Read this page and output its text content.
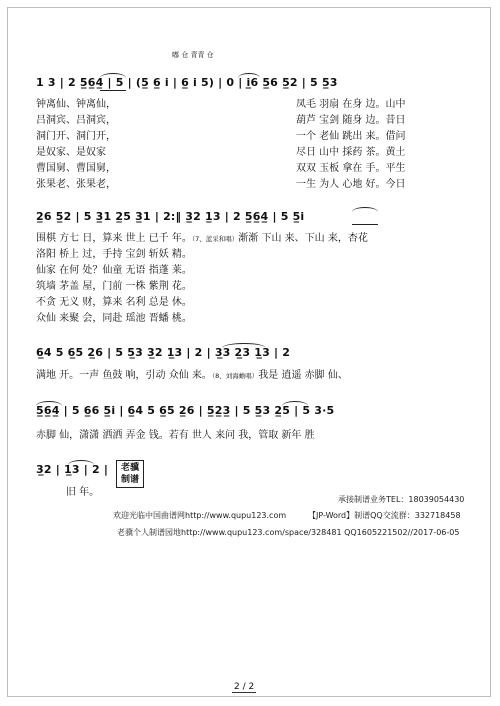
嘟 仓 青青 仓
1 3 | 2 5̲6̲4̲ | 5 | (5̲ 6̲ i | 6̲ i 5) | 0 | i̲6 5̲6 5̲2 | 5 5̲3
钟离仙、钟离仙，
吕洞宾、吕洞宾，
洞门开、洞门开，
是奴家、是奴家
曹国舅、曹国舅，
张果老、张果老，
凤毛 羽扇 在身 边。山中
葫芦 宝剑 随身 边。昔日
一个 老仙 跳出 来。借问
尽日 山中 採药 茶。黄土
双双 玉板 拿在 手。平生
一生 为人 心地 好。今日
2̲6 5̲2 | 5 3̲1 2̲5 3̲1 | 2:‖ 3̲2 1̲3 | 2 5̲6̲4̲ | 5 5̲i
围棋 方七 日，算来 世上 已千 年。（7、蓝采和唱）渐渐 下山 来、下山 来，杏花
洛阳 桥上 过，手持 宝剑 斩妖 精。
仙家 在何 处？仙童 无语 指蓬 莱。
筑墙 茅盖 屋，门前 一株 紫荆 花。
不贪 无义 财，算来 名利 总是 休。
众仙 来聚 会，同赴 瑶池 晋蟠 桃。
6̲4 5 6̲5 2̲6 | 5 5̲3 3̲2 1̲3 | 2 | 3̲3 2̲3 1̲3 | 2
满地 开。一声 鱼鼓 响，引动 众仙 来。（8、刘海蟾唱）我是 逍遥 赤脚 仙、
5̲6̲4̲ | 5 6̲6 5̲i | 6̲4 5 6̲5 2̲6 | 5̲2̲3̲ | 5 5̲3 2̲5 | 5 3·5
赤脚 仙，潇潇 洒洒 弄金 钱。若有 世人 来问 我，管取 新年 胜
3̲2 | 1̲3 | 2 |	老骥
制谱
旧 年。
承接制谱业务TEL：18039054430
欢迎光临中国曲谱网http://www.qupu123.com	【JP-Word】制谱QQ交流群：332718458
老骥个人制谱园地http://www.qupu123.com/space/328481 QQ1605221502//2017-06-05
2 / 2
